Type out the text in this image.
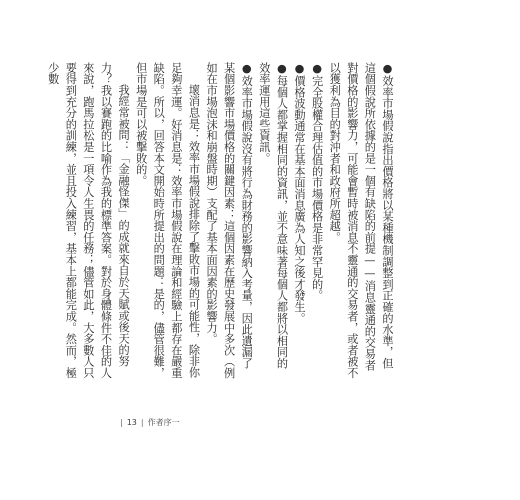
●效率市場假說指出價格將以某種機制調整到正確的水準，但這個假說所依據的是一個有缺陷的前提——消息靈通的交易者對價格的影響力，可能會暫時被消息不靈通的交易者，或者被不以獲利為目的對沖者和政府所超越。

●完全股權合理估值的市場價格是非常罕見的。

●價格波動通常在基本面消息廣為人知之後才發生。

●每個人都掌握相同的資訊，並不意味著每個人都將以相同的效率運用這些資訊。

●效率市場假說沒有將行為財務的影響納入考量，因此遺漏了某個影響市場價格的關鍵因素：這個因素在歷史發展中多次（例如在市場泡沫和崩盤時期）支配了基本面因素的影響力。

壞消息是：效率市場假說排除了擊敗市場的可能性，除非你足夠幸運。好消息是：效率市場假說在理論和經驗上都存在嚴重缺陷。所以，回答本文開始時所提出的問題：是的，儘管很難，但市場是可以被擊敗的。

我經常被問：「金融怪傑」的成就來自於天賦或後天的努力？我以賽跑的比喻作為我的標準答案。對於身體條件不佳的人來說，跑馬拉松是一項令人生畏的任務；儘管如此，大多數人只要得到充分的訓練，並且投入練習，基本上都能完成。然而，極少數

| 13 | 作者序一
